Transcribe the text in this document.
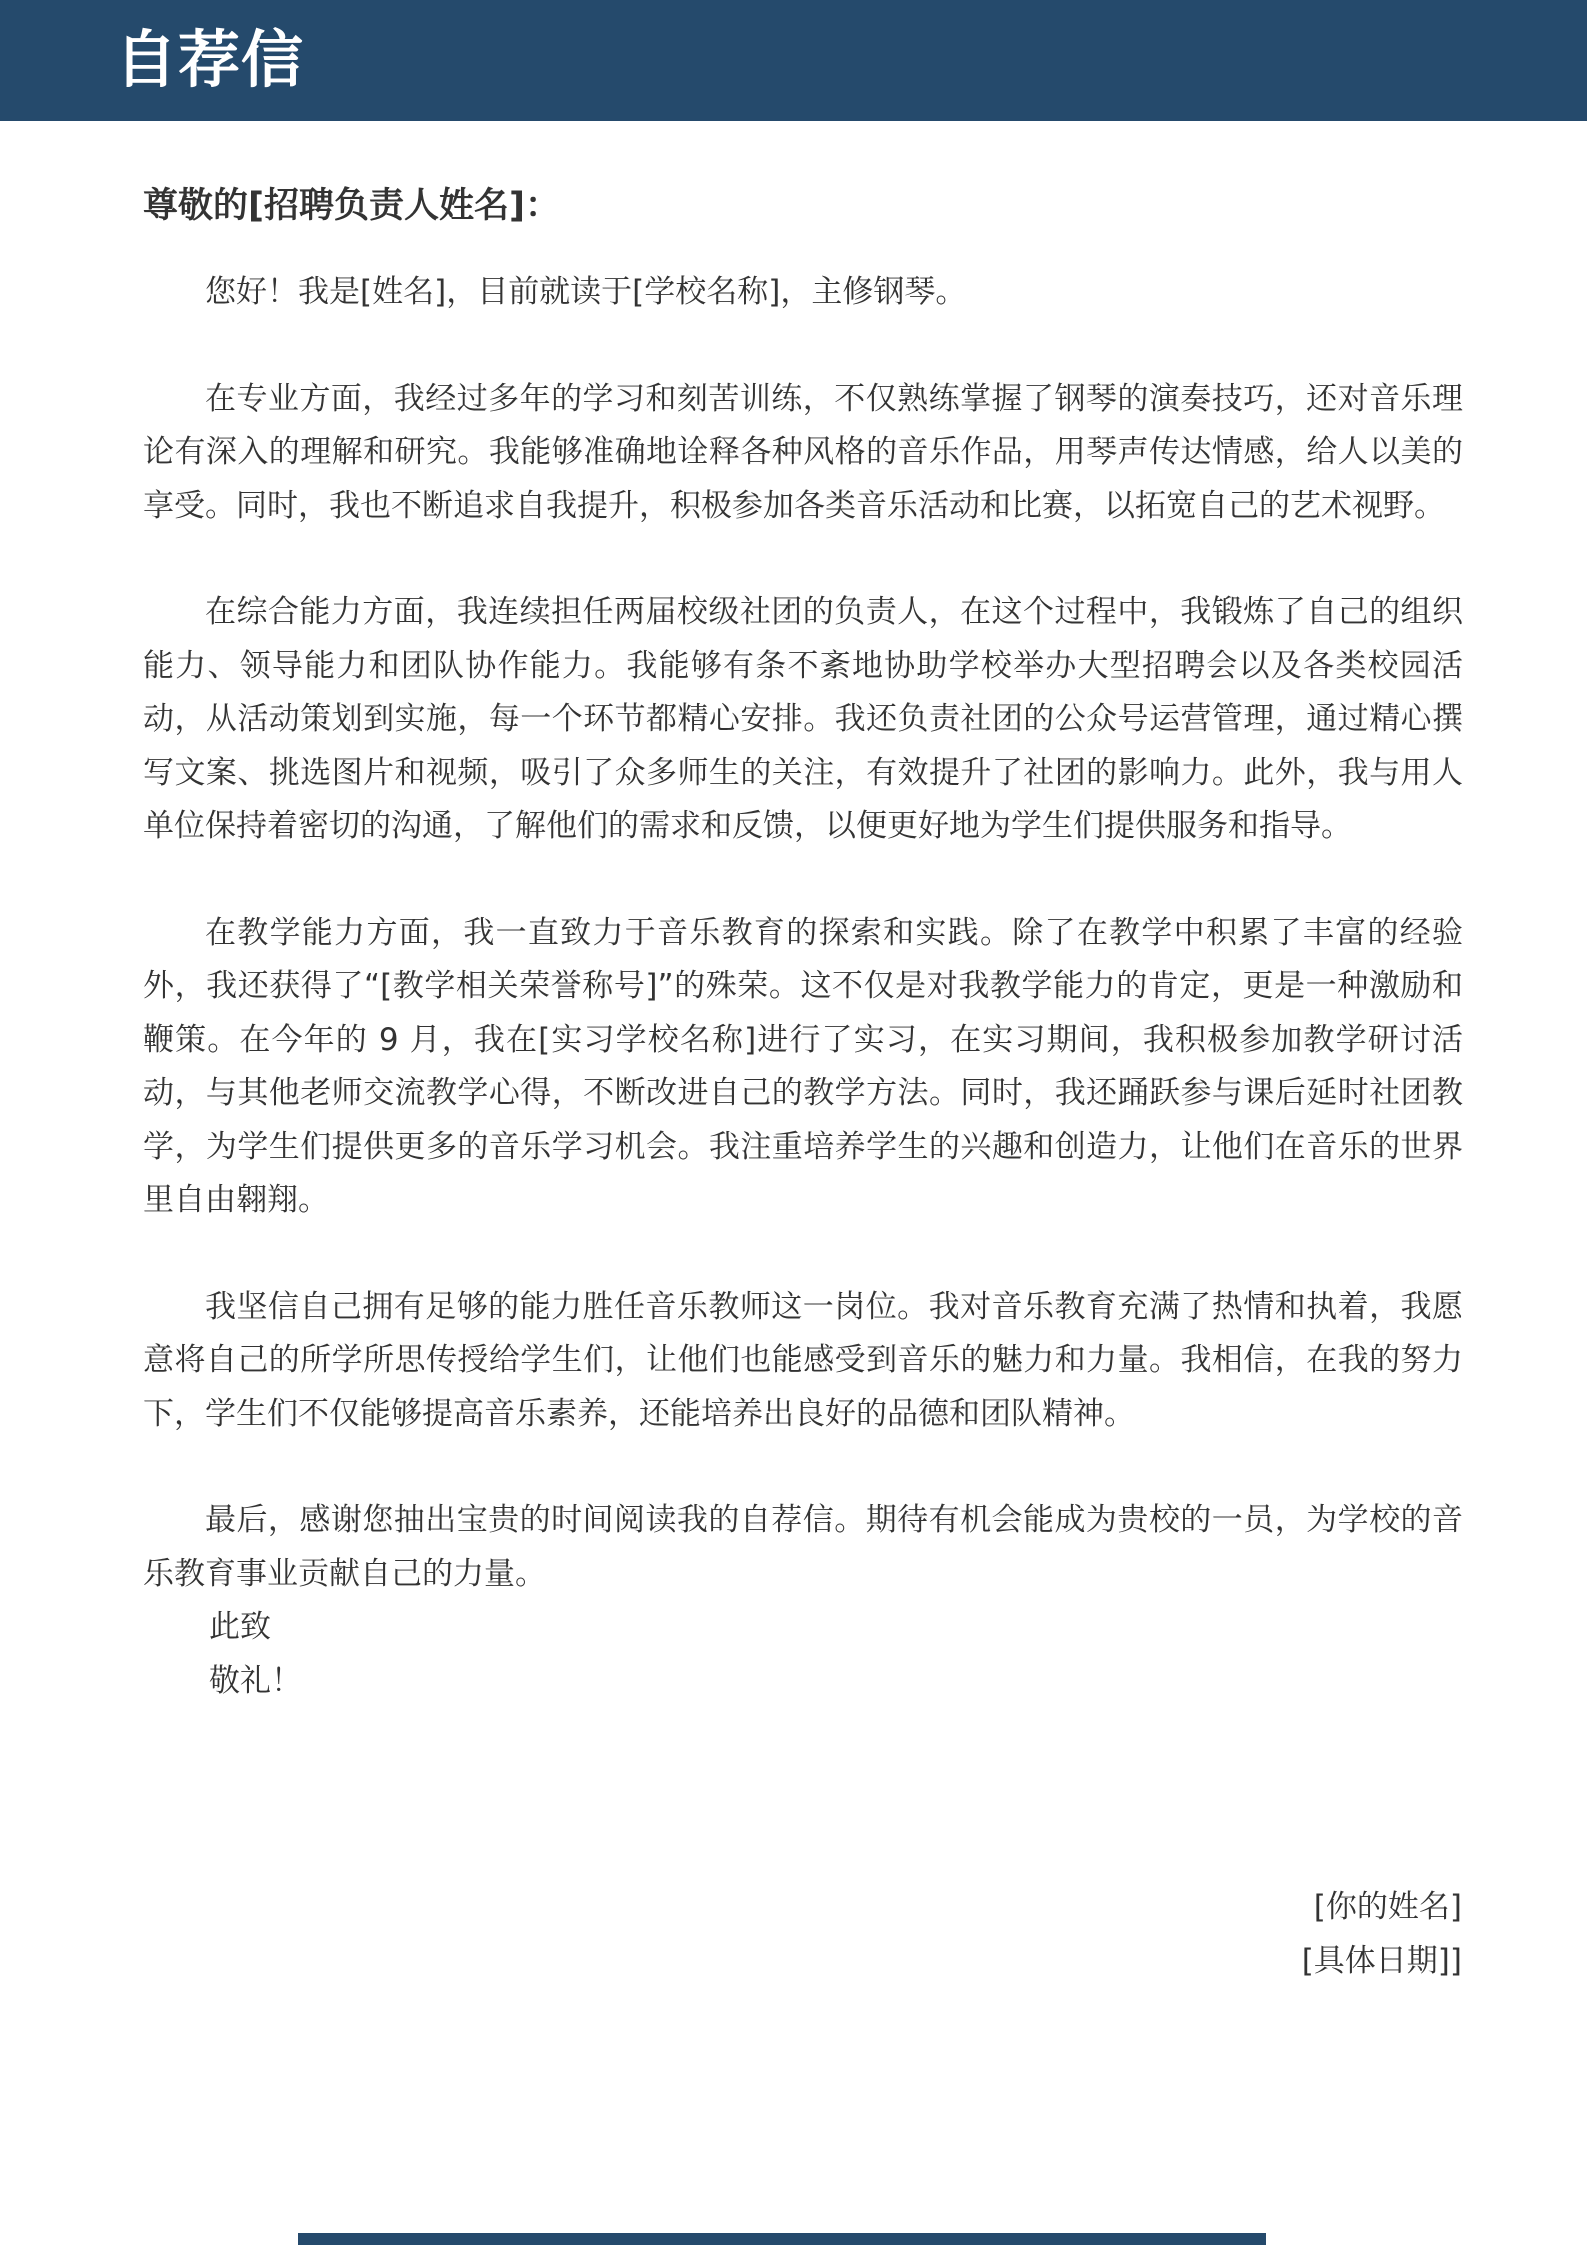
自荐信

尊敬的[招聘负责人姓名]：

您好！我是[姓名]，目前就读于[学校名称]，主修钢琴。

在专业方面，我经过多年的学习和刻苦训练，不仅熟练掌握了钢琴的演奏技巧，还对音乐理论有深入的理解和研究。我能够准确地诠释各种风格的音乐作品，用琴声传达情感，给人以美的享受。同时，我也不断追求自我提升，积极参加各类音乐活动和比赛，以拓宽自己的艺术视野。

在综合能力方面，我连续担任两届校级社团的负责人，在这个过程中，我锻炼了自己的组织能力、领导能力和团队协作能力。我能够有条不紊地协助学校举办大型招聘会以及各类校园活动，从活动策划到实施，每一个环节都精心安排。我还负责社团的公众号运营管理，通过精心撰写文案、挑选图片和视频，吸引了众多师生的关注，有效提升了社团的影响力。此外，我与用人单位保持着密切的沟通，了解他们的需求和反馈，以便更好地为学生们提供服务和指导。

在教学能力方面，我一直致力于音乐教育的探索和实践。除了在教学中积累了丰富的经验外，我还获得了“[教学相关荣誉称号]”的殊荣。这不仅是对我教学能力的肯定，更是一种激励和鞭策。在今年的 9 月，我在[实习学校名称]进行了实习，在实习期间，我积极参加教学研讨活动，与其他老师交流教学心得，不断改进自己的教学方法。同时，我还踊跃参与课后延时社团教学，为学生们提供更多的音乐学习机会。我注重培养学生的兴趣和创造力，让他们在音乐的世界里自由翱翔。

我坚信自己拥有足够的能力胜任音乐教师这一岗位。我对音乐教育充满了热情和执着，我愿意将自己的所学所思传授给学生们，让他们也能感受到音乐的魅力和力量。我相信，在我的努力下，学生们不仅能够提高音乐素养，还能培养出良好的品德和团队精神。

最后，感谢您抽出宝贵的时间阅读我的自荐信。期待有机会能成为贵校的一员，为学校的音乐教育事业贡献自己的力量。

此致

敬礼！

[你的姓名]

[具体日期]]
